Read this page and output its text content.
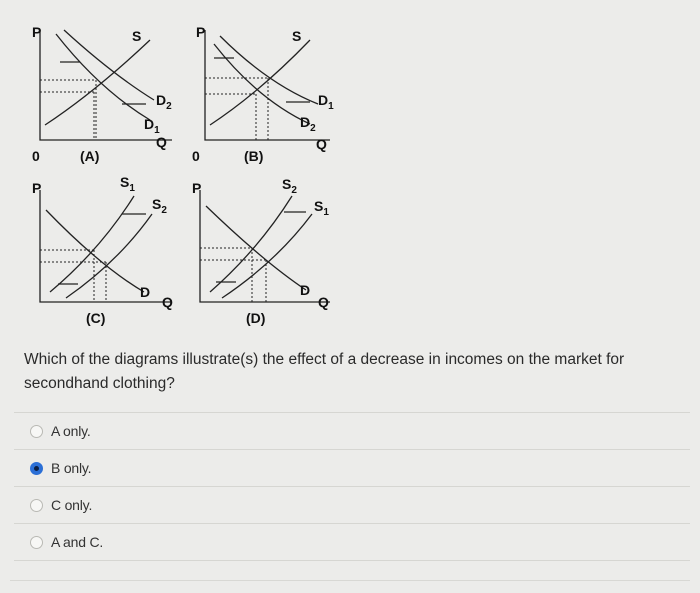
P	S
$D_2$
$D_1$
Q
0	(A)
P	S
$D_1$
$D_2$
Q
0	(B)
P	$S_1$
$S_2$
D
Q
(C)
P	$S_2$
$S_1$
D
Q
(D)
Which of the diagrams illustrate(s) the effect of a decrease in incomes on the market for secondhand clothing?
A only.
B only.
C only.
A and C.
